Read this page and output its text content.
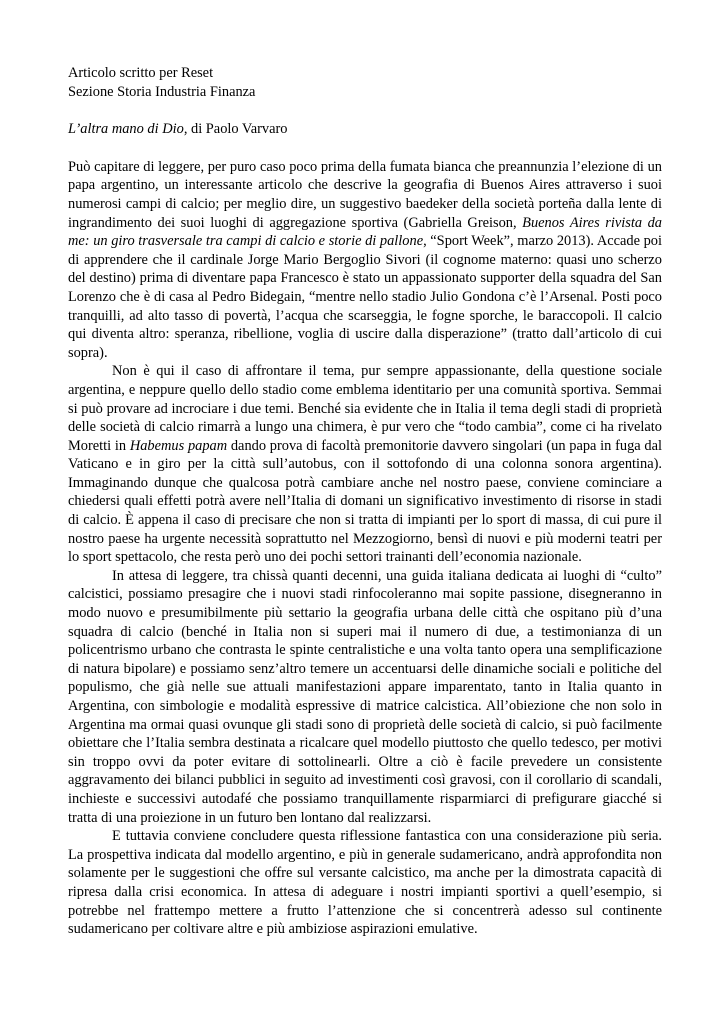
Articolo scritto per Reset
Sezione Storia Industria Finanza
L’altra mano di Dio, di Paolo Varvaro

Può capitare di leggere, per puro caso poco prima della fumata bianca che preannunzia l’elezione di un papa argentino, un interessante articolo che descrive la geografia di Buenos Aires attraverso i suoi numerosi campi di calcio; per meglio dire, un suggestivo baedeker della società porteña dalla lente di ingrandimento dei suoi luoghi di aggregazione sportiva (Gabriella Greison, Buenos Aires rivista da me: un giro trasversale tra campi di calcio e storie di pallone, “Sport Week”, marzo 2013). Accade poi di apprendere che il cardinale Jorge Mario Bergoglio Sivori (il cognome materno: quasi uno scherzo del destino) prima di diventare papa Francesco è stato un appassionato supporter della squadra del San Lorenzo che è di casa al Pedro Bidegain, “mentre nello stadio Julio Gondona c’è l’Arsenal. Posti poco tranquilli, ad alto tasso di povertà, l’acqua che scarseggia, le fogne sporche, le baraccopoli. Il calcio qui diventa altro: speranza, ribellione, voglia di uscire dalla disperazione” (tratto dall’articolo di cui sopra).

Non è qui il caso di affrontare il tema, pur sempre appassionante, della questione sociale argentina, e neppure quello dello stadio come emblema identitario per una comunità sportiva. Semmai si può provare ad incrociare i due temi. Benché sia evidente che in Italia il tema degli stadi di proprietà delle società di calcio rimarrà a lungo una chimera, è pur vero che “todo cambia”, come ci ha rivelato Moretti in Habemus papam dando prova di facoltà premonitorie davvero singolari (un papa in fuga dal Vaticano e in giro per la città sull’autobus, con il sottofondo di una colonna sonora argentina). Immaginando dunque che qualcosa potrà cambiare anche nel nostro paese, conviene cominciare a chiedersi quali effetti potrà avere nell’Italia di domani un significativo investimento di risorse in stadi di calcio. È appena il caso di precisare che non si tratta di impianti per lo sport di massa, di cui pure il nostro paese ha urgente necessità soprattutto nel Mezzogiorno, bensì di nuovi e più moderni teatri per lo sport spettacolo, che resta però uno dei pochi settori trainanti dell’economia nazionale.

In attesa di leggere, tra chissà quanti decenni, una guida italiana dedicata ai luoghi di “culto” calcistici, possiamo presagire che i nuovi stadi rinfocoleranno mai sopite passione, disegneranno in modo nuovo e presumibilmente più settario la geografia urbana delle città che ospitano più d’una squadra di calcio (benché in Italia non si superi mai il numero di due, a testimonianza di un policentrismo urbano che contrasta le spinte centralistiche e una volta tanto opera una semplificazione di natura bipolare) e possiamo senz’altro temere un accentuarsi delle dinamiche sociali e politiche del populismo, che già nelle sue attuali manifestazioni appare imparentato, tanto in Italia quanto in Argentina, con simbologie e modalità espressive di matrice calcistica. All’obiezione che non solo in Argentina ma ormai quasi ovunque gli stadi sono di proprietà delle società di calcio, si può facilmente obiettare che l’Italia sembra destinata a ricalcare quel modello piuttosto che quello tedesco, per motivi sin troppo ovvi da poter evitare di sottolinearli. Oltre a ciò è facile prevedere un consistente aggravamento dei bilanci pubblici in seguito ad investimenti così gravosi, con il corollario di scandali, inchieste e successivi autodafé che possiamo tranquillamente risparmiarci di prefigurare giacché si tratta di una proiezione in un futuro ben lontano dal realizzarsi.

E tuttavia conviene concludere questa riflessione fantastica con una considerazione più seria. La prospettiva indicata dal modello argentino, e più in generale sudamericano, andrà approfondita non solamente per le suggestioni che offre sul versante calcistico, ma anche per la dimostrata capacità di ripresa dalla crisi economica. In attesa di adeguare i nostri impianti sportivi a quell’esempio, si potrebbe nel frattempo mettere a frutto l’attenzione che si concentrerà adesso sul continente sudamericano per coltivare altre e più ambiziose aspirazioni emulative.
